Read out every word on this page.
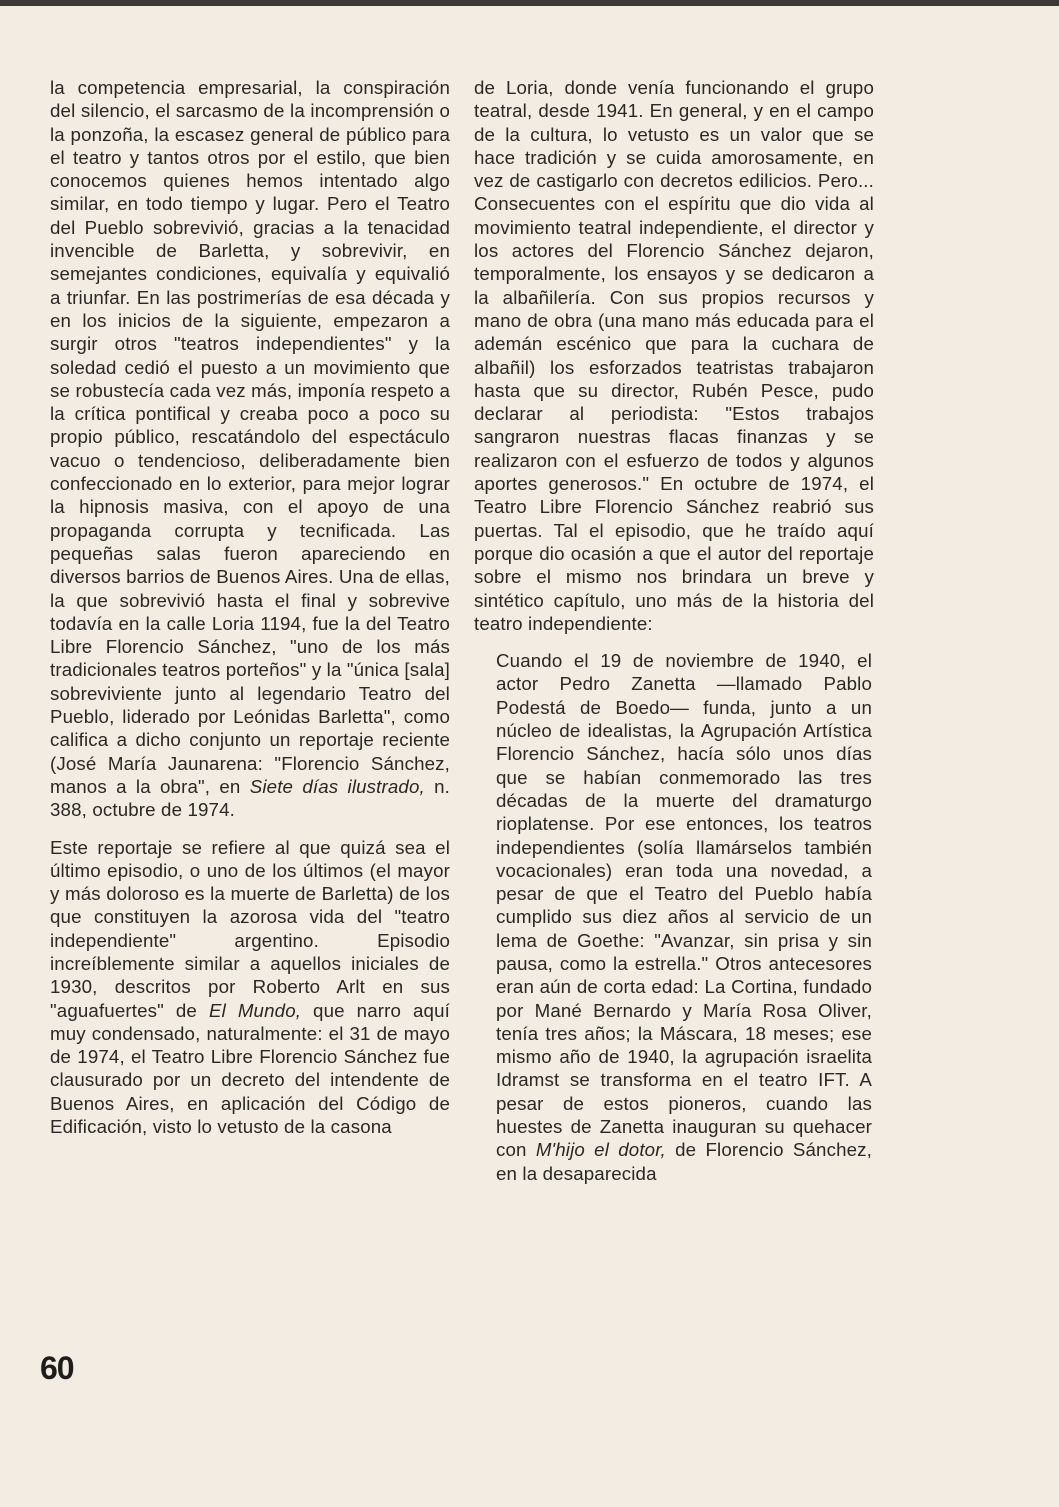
la competencia empresarial, la conspiración del silencio, el sarcasmo de la incomprensión o la ponzoña, la escasez general de público para el teatro y tantos otros por el estilo, que bien conocemos quienes hemos intentado algo similar, en todo tiempo y lugar. Pero el Teatro del Pueblo sobrevivió, gracias a la tenacidad invencible de Barletta, y sobrevivir, en semejantes condiciones, equivalía y equivalió a triunfar. En las postrimerías de esa década y en los inicios de la siguiente, empezaron a surgir otros "teatros independientes" y la soledad cedió el puesto a un movimiento que se robustecía cada vez más, imponía respeto a la crítica pontifical y creaba poco a poco su propio público, rescatándolo del espectáculo vacuo o tendencioso, deliberadamente bien confeccionado en lo exterior, para mejor lograr la hipnosis masiva, con el apoyo de una propaganda corrupta y tecnificada. Las pequeñas salas fueron apareciendo en diversos barrios de Buenos Aires. Una de ellas, la que sobrevivió hasta el final y sobrevive todavía en la calle Loria 1194, fue la del Teatro Libre Florencio Sánchez, "uno de los más tradicionales teatros porteños" y la "única [sala] sobreviviente junto al legendario Teatro del Pueblo, liderado por Leónidas Barletta", como califica a dicho conjunto un reportaje reciente (José María Jaunarena: "Florencio Sánchez, manos a la obra", en Siete días ilustrado, n. 388, octubre de 1974.

Este reportaje se refiere al que quizá sea el último episodio, o uno de los últimos (el mayor y más doloroso es la muerte de Barletta) de los que constituyen la azorosa vida del "teatro independiente" argentino. Episodio increíblemente similar a aquellos iniciales de 1930, descritos por Roberto Arlt en sus "aguafuertes" de El Mundo, que narro aquí muy condensado, naturalmente: el 31 de mayo de 1974, el Teatro Libre Florencio Sánchez fue clausurado por un decreto del intendente de Buenos Aires, en aplicación del Código de Edificación, visto lo vetusto de la casona

de Loria, donde venía funcionando el grupo teatral, desde 1941. En general, y en el campo de la cultura, lo vetusto es un valor que se hace tradición y se cuida amorosamente, en vez de castigarlo con decretos edilicios. Pero... Consecuentes con el espíritu que dio vida al movimiento teatral independiente, el director y los actores del Florencio Sánchez dejaron, temporalmente, los ensayos y se dedicaron a la albañilería. Con sus propios recursos y mano de obra (una mano más educada para el ademán escénico que para la cuchara de albañil) los esforzados teatristas trabajaron hasta que su director, Rubén Pesce, pudo declarar al periodista: "Estos trabajos sangraron nuestras flacas finanzas y se realizaron con el esfuerzo de todos y algunos aportes generosos." En octubre de 1974, el Teatro Libre Florencio Sánchez reabrió sus puertas. Tal el episodio, que he traído aquí porque dio ocasión a que el autor del reportaje sobre el mismo nos brindara un breve y sintético capítulo, uno más de la historia del teatro independiente:

Cuando el 19 de noviembre de 1940, el actor Pedro Zanetta —llamado Pablo Podestá de Boedo— funda, junto a un núcleo de idealistas, la Agrupación Artística Florencio Sánchez, hacía sólo unos días que se habían conmemorado las tres décadas de la muerte del dramaturgo rioplatense. Por ese entonces, los teatros independientes (solía llamárselos también vocacionales) eran toda una novedad, a pesar de que el Teatro del Pueblo había cumplido sus diez años al servicio de un lema de Goethe: "Avanzar, sin prisa y sin pausa, como la estrella." Otros antecesores eran aún de corta edad: La Cortina, fundado por Mané Bernardo y María Rosa Oliver, tenía tres años; la Máscara, 18 meses; ese mismo año de 1940, la agrupación israelita Idramst se transforma en el teatro IFT. A pesar de estos pioneros, cuando las huestes de Zanetta inauguran su quehacer con M'hijo el dotor, de Florencio Sánchez, en la desaparecida

60
